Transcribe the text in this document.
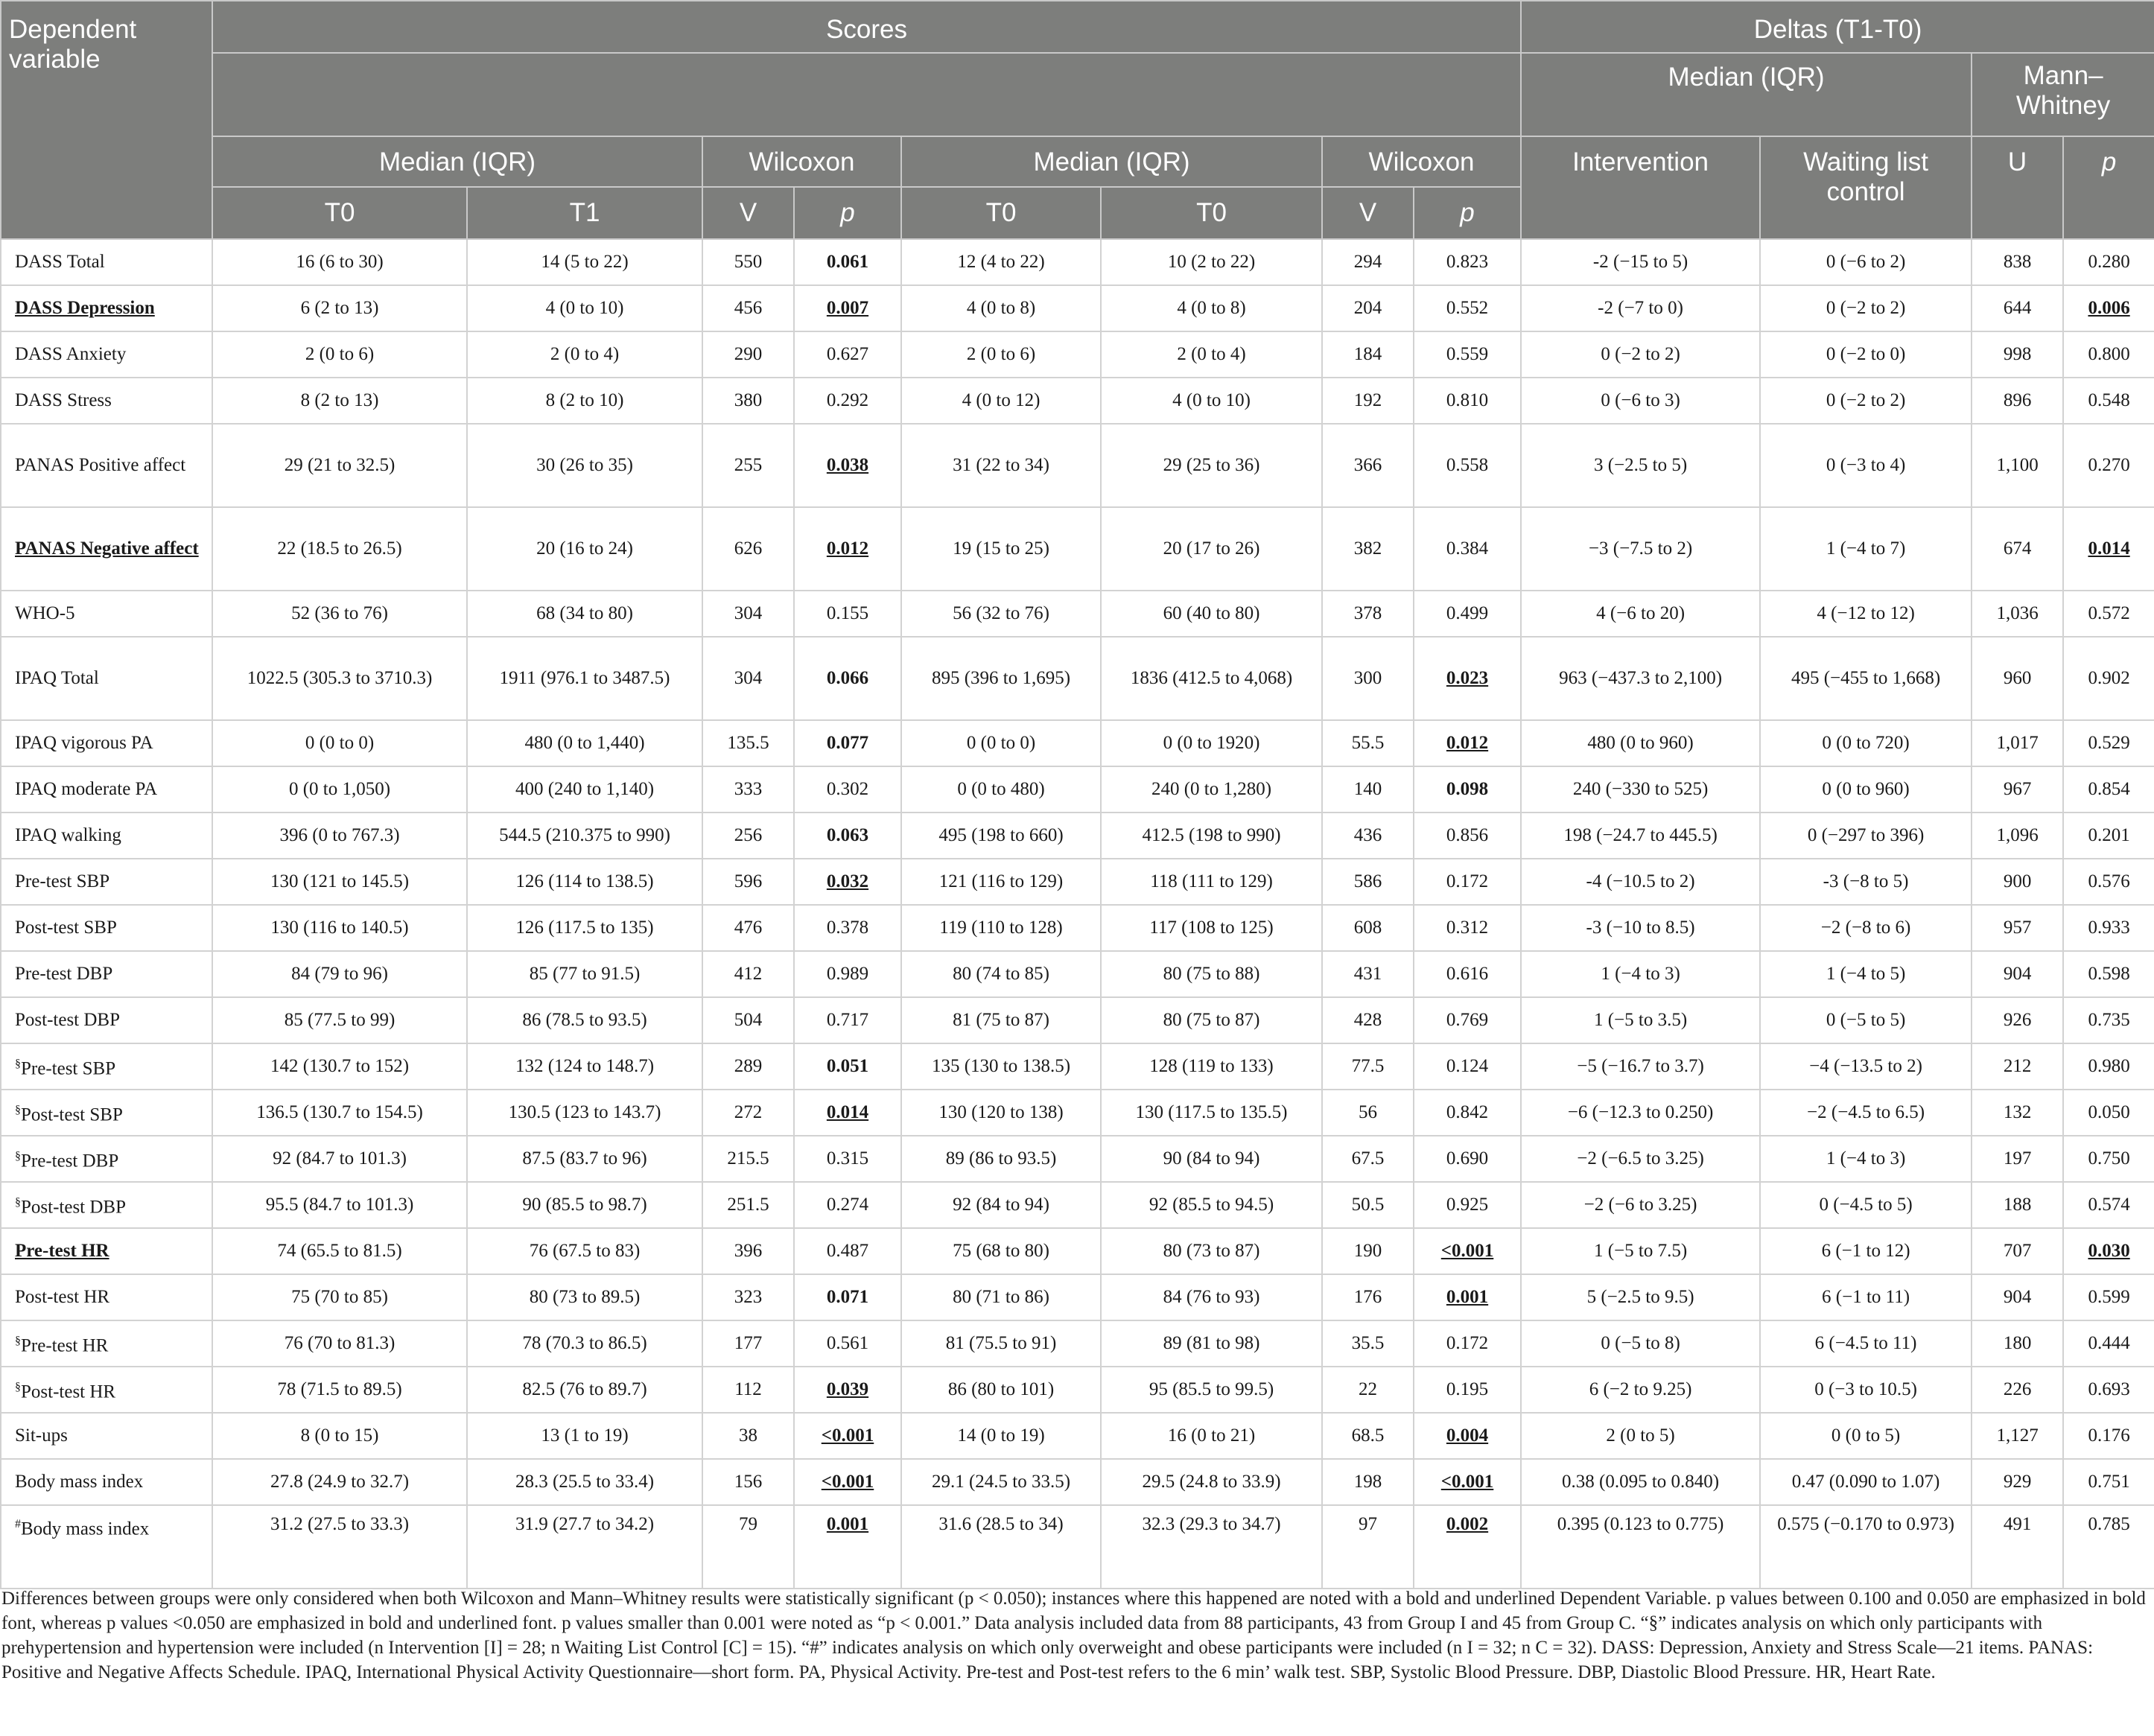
Dependent variable	Scores								Deltas (T1-T0)			
									Median (IQR)		Mann–Whitney	
	Median (IQR)		Wilcoxon		Median (IQR)		Wilcoxon		Intervention	Waiting list control	U	p
	T0	T1	V	p	T0	T0	V	p				
DASS Total	16 (6 to 30)	14 (5 to 22)	550	0.061	12 (4 to 22)	10 (2 to 22)	294	0.823	-2 (−15 to 5)	0 (−6 to 2)	838	0.280
DASS Depression	6 (2 to 13)	4 (0 to 10)	456	0.007	4 (0 to 8)	4 (0 to 8)	204	0.552	-2 (−7 to 0)	0 (−2 to 2)	644	0.006
DASS Anxiety	2 (0 to 6)	2 (0 to 4)	290	0.627	2 (0 to 6)	2 (0 to 4)	184	0.559	0 (−2 to 2)	0 (−2 to 0)	998	0.800
DASS Stress	8 (2 to 13)	8 (2 to 10)	380	0.292	4 (0 to 12)	4 (0 to 10)	192	0.810	0 (−6 to 3)	0 (−2 to 2)	896	0.548
PANAS Positive affect	29 (21 to 32.5)	30 (26 to 35)	255	0.038	31 (22 to 34)	29 (25 to 36)	366	0.558	3 (−2.5 to 5)	0 (−3 to 4)	1,100	0.270
PANAS Negative affect	22 (18.5 to 26.5)	20 (16 to 24)	626	0.012	19 (15 to 25)	20 (17 to 26)	382	0.384	−3 (−7.5 to 2)	1 (−4 to 7)	674	0.014
WHO-5	52 (36 to 76)	68 (34 to 80)	304	0.155	56 (32 to 76)	60 (40 to 80)	378	0.499	4 (−6 to 20)	4 (−12 to 12)	1,036	0.572
IPAQ Total	1022.5 (305.3 to 3710.3)	1911 (976.1 to 3487.5)	304	0.066	895 (396 to 1,695)	1836 (412.5 to 4,068)	300	0.023	963 (−437.3 to 2,100)	495 (−455 to 1,668)	960	0.902
IPAQ vigorous PA	0 (0 to 0)	480 (0 to 1,440)	135.5	0.077	0 (0 to 0)	0 (0 to 1920)	55.5	0.012	480 (0 to 960)	0 (0 to 720)	1,017	0.529
IPAQ moderate PA	0 (0 to 1,050)	400 (240 to 1,140)	333	0.302	0 (0 to 480)	240 (0 to 1,280)	140	0.098	240 (−330 to 525)	0 (0 to 960)	967	0.854
IPAQ walking	396 (0 to 767.3)	544.5 (210.375 to 990)	256	0.063	495 (198 to 660)	412.5 (198 to 990)	436	0.856	198 (−24.7 to 445.5)	0 (−297 to 396)	1,096	0.201
Pre-test SBP	130 (121 to 145.5)	126 (114 to 138.5)	596	0.032	121 (116 to 129)	118 (111 to 129)	586	0.172	-4 (−10.5 to 2)	-3 (−8 to 5)	900	0.576
Post-test SBP	130 (116 to 140.5)	126 (117.5 to 135)	476	0.378	119 (110 to 128)	117 (108 to 125)	608	0.312	-3 (−10 to 8.5)	−2 (−8 to 6)	957	0.933
Pre-test DBP	84 (79 to 96)	85 (77 to 91.5)	412	0.989	80 (74 to 85)	80 (75 to 88)	431	0.616	1 (−4 to 3)	1 (−4 to 5)	904	0.598
Post-test DBP	85 (77.5 to 99)	86 (78.5 to 93.5)	504	0.717	81 (75 to 87)	80 (75 to 87)	428	0.769	1 (−5 to 3.5)	0 (−5 to 5)	926	0.735
§Pre-test SBP	142 (130.7 to 152)	132 (124 to 148.7)	289	0.051	135 (130 to 138.5)	128 (119 to 133)	77.5	0.124	−5 (−16.7 to 3.7)	−4 (−13.5 to 2)	212	0.980
§Post-test SBP	136.5 (130.7 to 154.5)	130.5 (123 to 143.7)	272	0.014	130 (120 to 138)	130 (117.5 to 135.5)	56	0.842	−6 (−12.3 to 0.250)	−2 (−4.5 to 6.5)	132	0.050
§Pre-test DBP	92 (84.7 to 101.3)	87.5 (83.7 to 96)	215.5	0.315	89 (86 to 93.5)	90 (84 to 94)	67.5	0.690	−2 (−6.5 to 3.25)	1 (−4 to 3)	197	0.750
§Post-test DBP	95.5 (84.7 to 101.3)	90 (85.5 to 98.7)	251.5	0.274	92 (84 to 94)	92 (85.5 to 94.5)	50.5	0.925	−2 (−6 to 3.25)	0 (−4.5 to 5)	188	0.574
Pre-test HR	74 (65.5 to 81.5)	76 (67.5 to 83)	396	0.487	75 (68 to 80)	80 (73 to 87)	190	<0.001	1 (−5 to 7.5)	6 (−1 to 12)	707	0.030
Post-test HR	75 (70 to 85)	80 (73 to 89.5)	323	0.071	80 (71 to 86)	84 (76 to 93)	176	0.001	5 (−2.5 to 9.5)	6 (−1 to 11)	904	0.599
§Pre-test HR	76 (70 to 81.3)	78 (70.3 to 86.5)	177	0.561	81 (75.5 to 91)	89 (81 to 98)	35.5	0.172	0 (−5 to 8)	6 (−4.5 to 11)	180	0.444
§Post-test HR	78 (71.5 to 89.5)	82.5 (76 to 89.7)	112	0.039	86 (80 to 101)	95 (85.5 to 99.5)	22	0.195	6 (−2 to 9.25)	0 (−3 to 10.5)	226	0.693
Sit-ups	8 (0 to 15)	13 (1 to 19)	38	<0.001	14 (0 to 19)	16 (0 to 21)	68.5	0.004	2 (0 to 5)	0 (0 to 5)	1,127	0.176
Body mass index	27.8 (24.9 to 32.7)	28.3 (25.5 to 33.4)	156	<0.001	29.1 (24.5 to 33.5)	29.5 (24.8 to 33.9)	198	<0.001	0.38 (0.095 to 0.840)	0.47 (0.090 to 1.07)	929	0.751
#Body mass index	31.2 (27.5 to 33.3)	31.9 (27.7 to 34.2)	79	0.001	31.6 (28.5 to 34)	32.3 (29.3 to 34.7)	97	0.002	0.395 (0.123 to 0.775)	0.575 (−0.170 to 0.973)	491	0.785
Differences between groups were only considered when both Wilcoxon and Mann–Whitney results were statistically significant (p < 0.050); instances where this happened are noted with a bold and underlined Dependent Variable. p values between 0.100 and 0.050 are emphasized in bold font, whereas p values <0.050 are emphasized in bold and underlined font. p values smaller than 0.001 were noted as “p < 0.001.” Data analysis included data from 88 participants, 43 from Group I and 45 from Group C. “§” indicates analysis on which only participants with prehypertension and hypertension were included (n Intervention [I] = 28; n Waiting List Control [C] = 15). “#” indicates analysis on which only overweight and obese participants were included (n I = 32; n C = 32). DASS: Depression, Anxiety and Stress Scale—21 items. PANAS: Positive and Negative Affects Schedule. IPAQ, International Physical Activity Questionnaire—short form. PA, Physical Activity. Pre-test and Post-test refers to the 6 min’ walk test. SBP, Systolic Blood Pressure. DBP, Diastolic Blood Pressure. HR, Heart Rate.
